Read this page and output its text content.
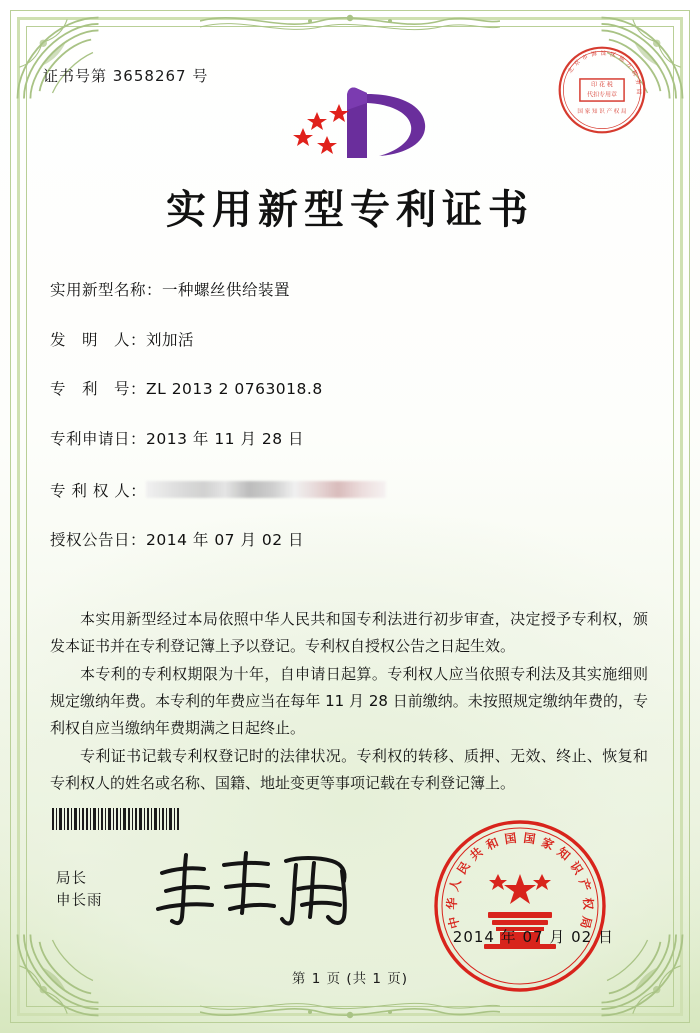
证书号第 3658267 号	印 花 税
代扣专用章
国 家 知 识 产 权 局
北
京
市 海 淀 区 地
方
税
务
局
实用新型专利证书
实用新型名称： 一种螺丝供给装置
发　明　人： 刘加活
专　利　号： ZL 2013 2 0763018.8
专利申请日： 2013 年 11 月 28 日
专 利 权 人：
授权公告日： 2014 年 07 月 02 日

本实用新型经过本局依照中华人民共和国专利法进行初步审查，决定授予专利权，颁发本证书并在专利登记簿上予以登记。专利权自授权公告之日起生效。

本专利的专利权期限为十年，自申请日起算。专利权人应当依照专利法及其实施细则规定缴纳年费。本专利的年费应当在每年 11 月 28 日前缴纳。未按照规定缴纳年费的，专利权自应当缴纳年费期满之日起终止。

专利证书记载专利权登记时的法律状况。专利权的转移、质押、无效、终止、恢复和专利权人的姓名或名称、国籍、地址变更等事项记载在专利登记簿上。

局长
申长雨
中
华
人
民
共
和 国 国 家
知
识
产
权
局
2014 年 07 月 02 日
第 1 页 (共 1 页)
